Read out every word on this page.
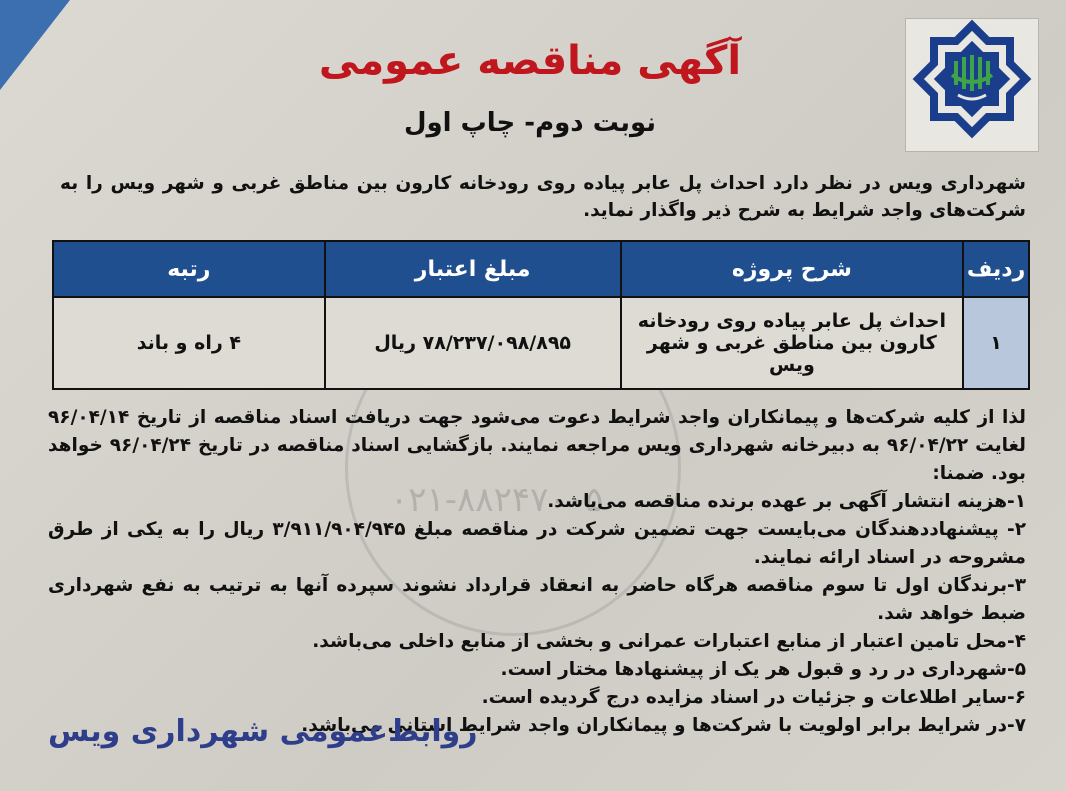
۰۲۱-۸۸۲۴۷۰۰۵
آگهی مناقصه عمومی
نوبت دوم- چاپ اول
شهرداری ویس در نظر دارد احداث پل عابر پیاده روی رودخانه کارون بین مناطق غربی و شهر ویس را به شرکت‌های واجد شرایط به شرح ذیر واگذار نماید.
ردیف	شرح پروژه	مبلغ اعتبار	رتبه
۱	احداث پل عابر پیاده روی رودخانه کارون بین مناطق غربی و شهر ویس	۷۸/۲۳۷/۰۹۸/۸۹۵ ریال	۴ راه و باند

لذا از کلیه شرکت‌ها و پیمانکاران واجد شرایط دعوت می‌شود جهت دریافت اسناد مناقصه از تاریخ ۹۶/۰۴/۱۴ لغایت ۹۶/۰۴/۲۲ به دبیرخانه شهرداری ویس مراجعه نمایند. بازگشایی اسناد مناقصه در تاریخ ۹۶/۰۴/۲۴ خواهد بود. ضمنا:

۱-هزینه انتشار آگهی بر عهده برنده مناقصه می‌باشد.

۲- پیشنهاددهندگان می‌بایست جهت تضمین شرکت در مناقصه مبلغ ۳/۹۱۱/۹۰۴/۹۴۵ ریال را به یکی از طرق مشروحه در اسناد ارائه نمایند.

۳-برندگان اول تا سوم مناقصه هرگاه حاضر به انعقاد قرارداد نشوند سپرده آنها به ترتیب به نفع شهرداری ضبط خواهد شد.

۴-محل تامین اعتبار از منابع اعتبارات عمرانی و بخشی از منابع داخلی می‌باشد.

۵-شهرداری در رد و قبول هر یک از پیشنهادها مختار است.

۶-سایر اطلاعات و جزئیات در اسناد مزایده درج گردیده است.

۷-در شرایط برابر اولویت با شرکت‌ها و پیمانکاران واجد شرایط استانی می‌باشد.

روابط‌عمومی شهرداری ویس
